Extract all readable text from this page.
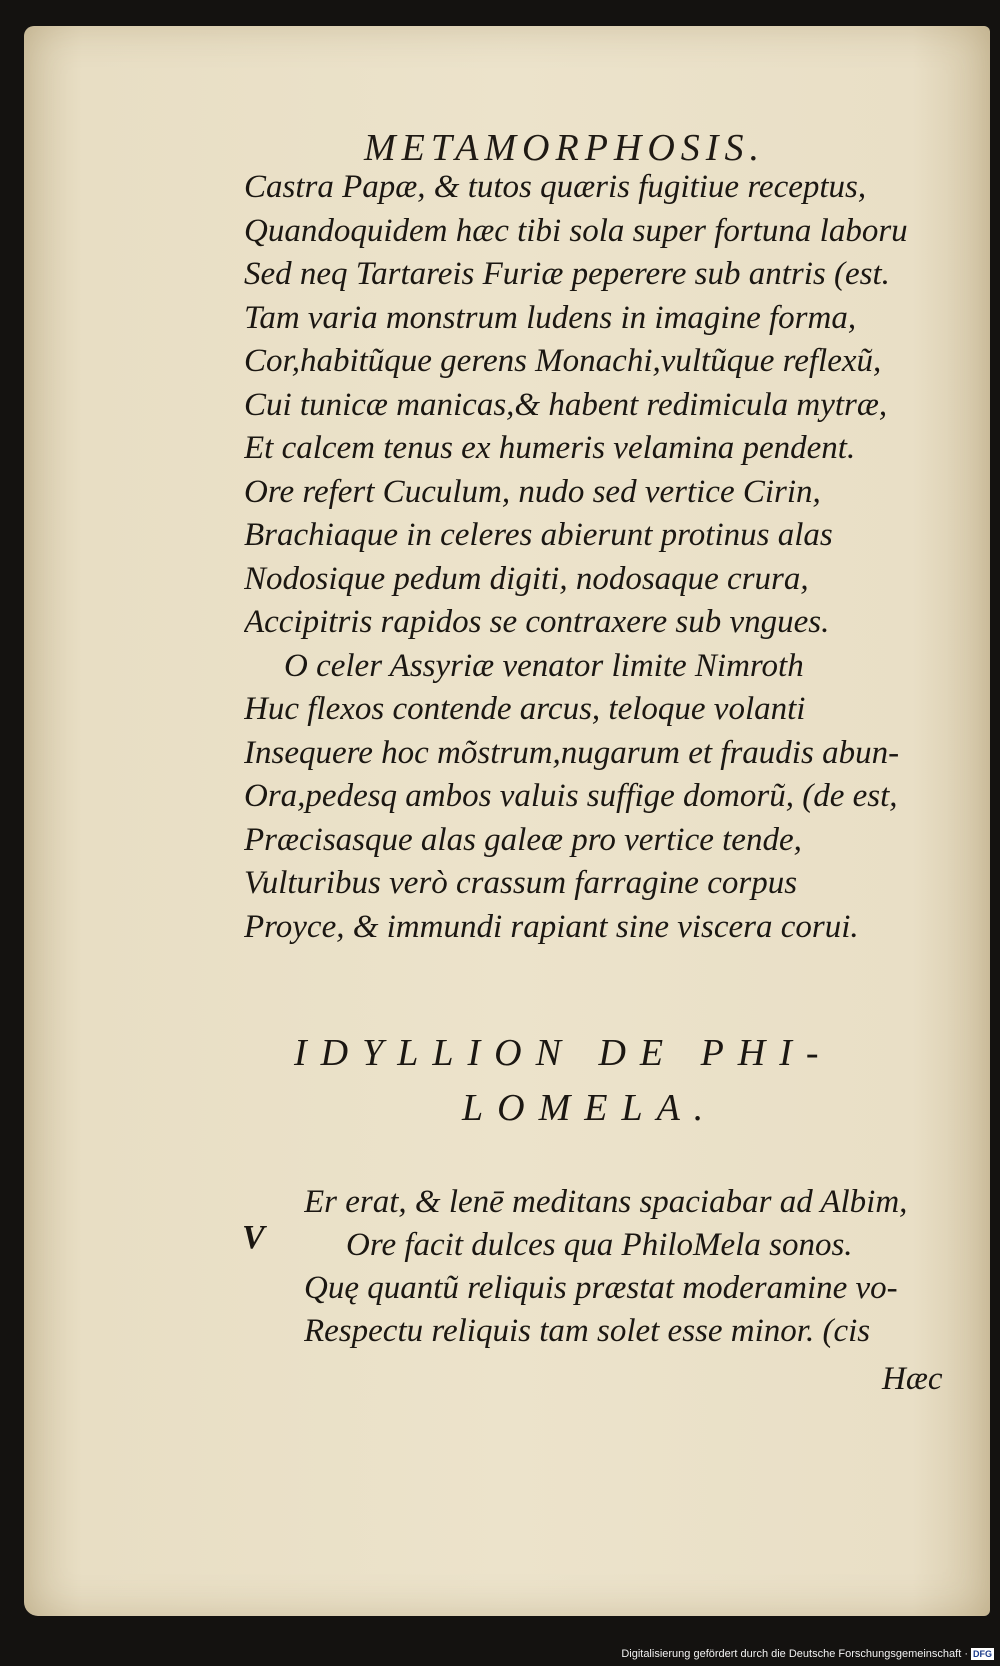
METAMORPHOSIS.
Castra Papæ, & tutos quæris fugitiue receptus,
Quandoquidem hæc tibi sola super fortuna laboru
Sed neq Tartareis Furiæ peperere sub antris (est.
Tam varia monstrum ludens in imagine forma,
Cor,habitũque gerens Monachi,vultũque reflexũ,
Cui tunicæ manicas,& habent redimicula mytræ,
Et calcem tenus ex humeris velamina pendent.
Ore refert Cuculum, nudo sed vertice Cirin,
Brachiaque in celeres abierunt protinus alas
Nodosique pedum digiti, nodosaque crura,
Accipitris rapidos se contraxere sub vngues.
O celer Assyriæ venator limite Nimroth
Huc flexos contende arcus, teloque volanti
Insequere hoc mõstrum,nugarum et fraudis abun-
Ora,pedesq ambos valuis suffige domorũ, (de est,
Præcisasque alas galeæ pro vertice tende,
Vulturibus verò crassum farragine corpus
Proyce, & immundi rapiant sine viscera corui.
IDYLLION DE PHI-
LOMELA.
V
Er erat, & lenē meditans spaciabar ad Albim,
Ore facit dulces qua PhiloMela sonos.
Quę quantũ reliquis præstat moderamine vo-
Respectu reliquis tam solet esse minor. (cis
Hæc
Digitalisierung gefördert durch die Deutsche Forschungsgemeinschaft · DFG
